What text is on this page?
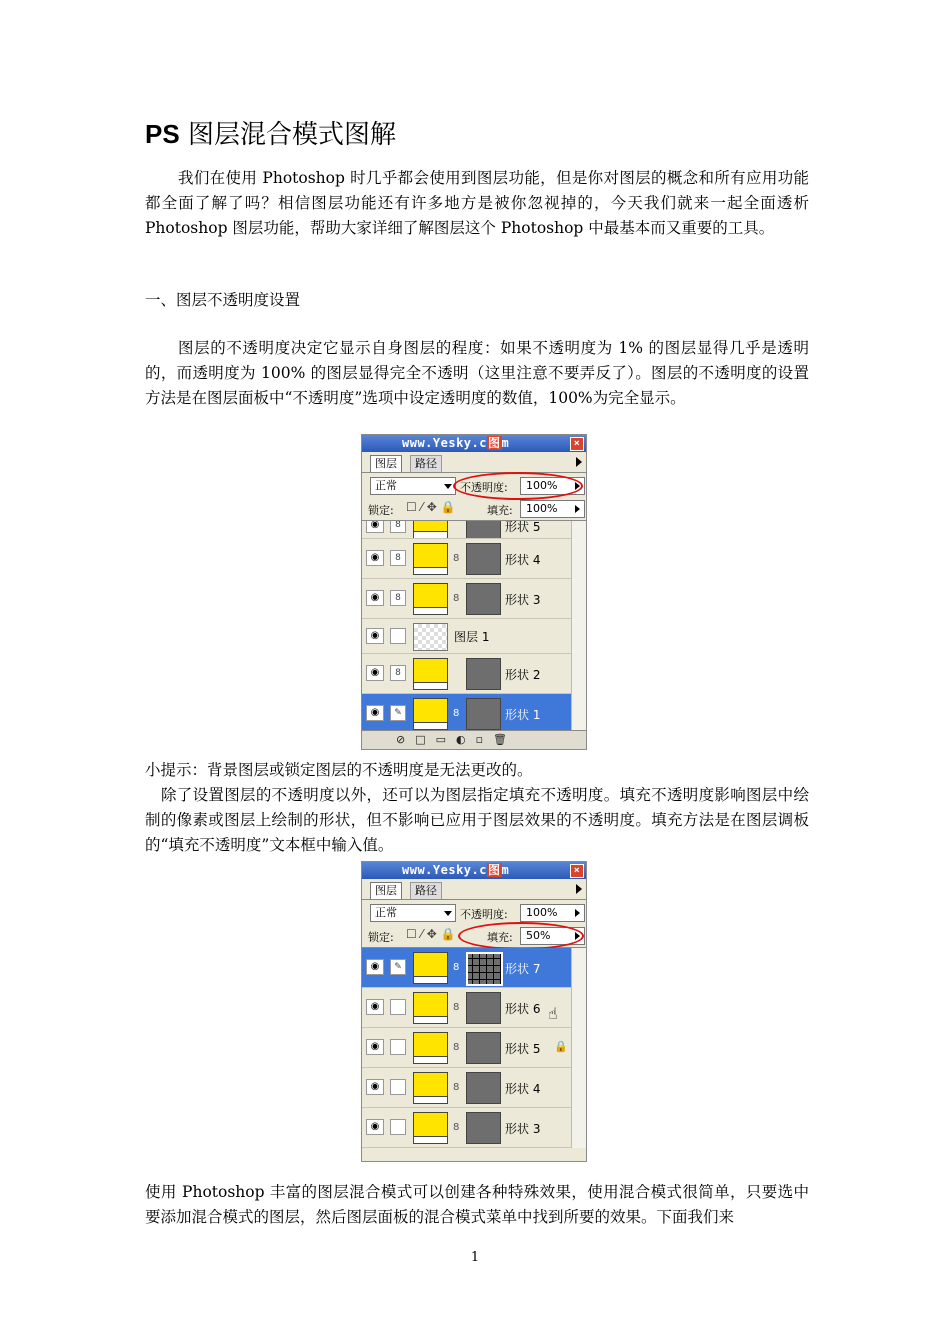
PS 图层混合模式图解
我们在使用 Photoshop 时几乎都会使用到图层功能，但是你对图层的概念和所有应用功能都全面了解了吗？相信图层功能还有许多地方是被你忽视掉的，今天我们就来一起全面透析 Photoshop 图层功能，帮助大家详细了解图层这个 Photoshop 中最基本而又重要的工具。
一、图层不透明度设置
图层的不透明度决定它显示自身图层的程度：如果不透明度为 1% 的图层显得几乎是透明的，而透明度为 100% 的图层显得完全不透明（这里注意不要弄反了）。图层的不透明度的设置方法是在图层面板中“不透明度”选项中设定透明度的数值，100%为完全显示。
www.Yesky.c图m	×
图层	路径
正常	不透明度:	100%
锁定: ☐⁄✥🔒 填充:	100%
◉	8	形状 5
◉	8	8	形状 4
◉	8	8	形状 3
◉	图层 1
◉	8	形状 2
◉	✎	8	形状 1
⊘□▭◐▫🗑
小提示：背景图层或锁定图层的不透明度是无法更改的。
除了设置图层的不透明度以外，还可以为图层指定填充不透明度。填充不透明度影响图层中绘制的像素或图层上绘制的形状，但不影响已应用于图层效果的不透明度。填充方法是在图层调板的“填充不透明度”文本框中输入值。
www.Yesky.c图m	×
图层	路径
正常	不透明度:	100%
锁定: ☐⁄✥🔒 填充:	50%
◉	✎	8	形状 7
◉	8	形状 6 ☝
◉	8	形状 5 🔒
◉	8	形状 4
◉	8	形状 3
使用 Photoshop 丰富的图层混合模式可以创建各种特殊效果，使用混合模式很简单，只要选中要添加混合模式的图层，然后图层面板的混合模式菜单中找到所要的效果。下面我们来
1
